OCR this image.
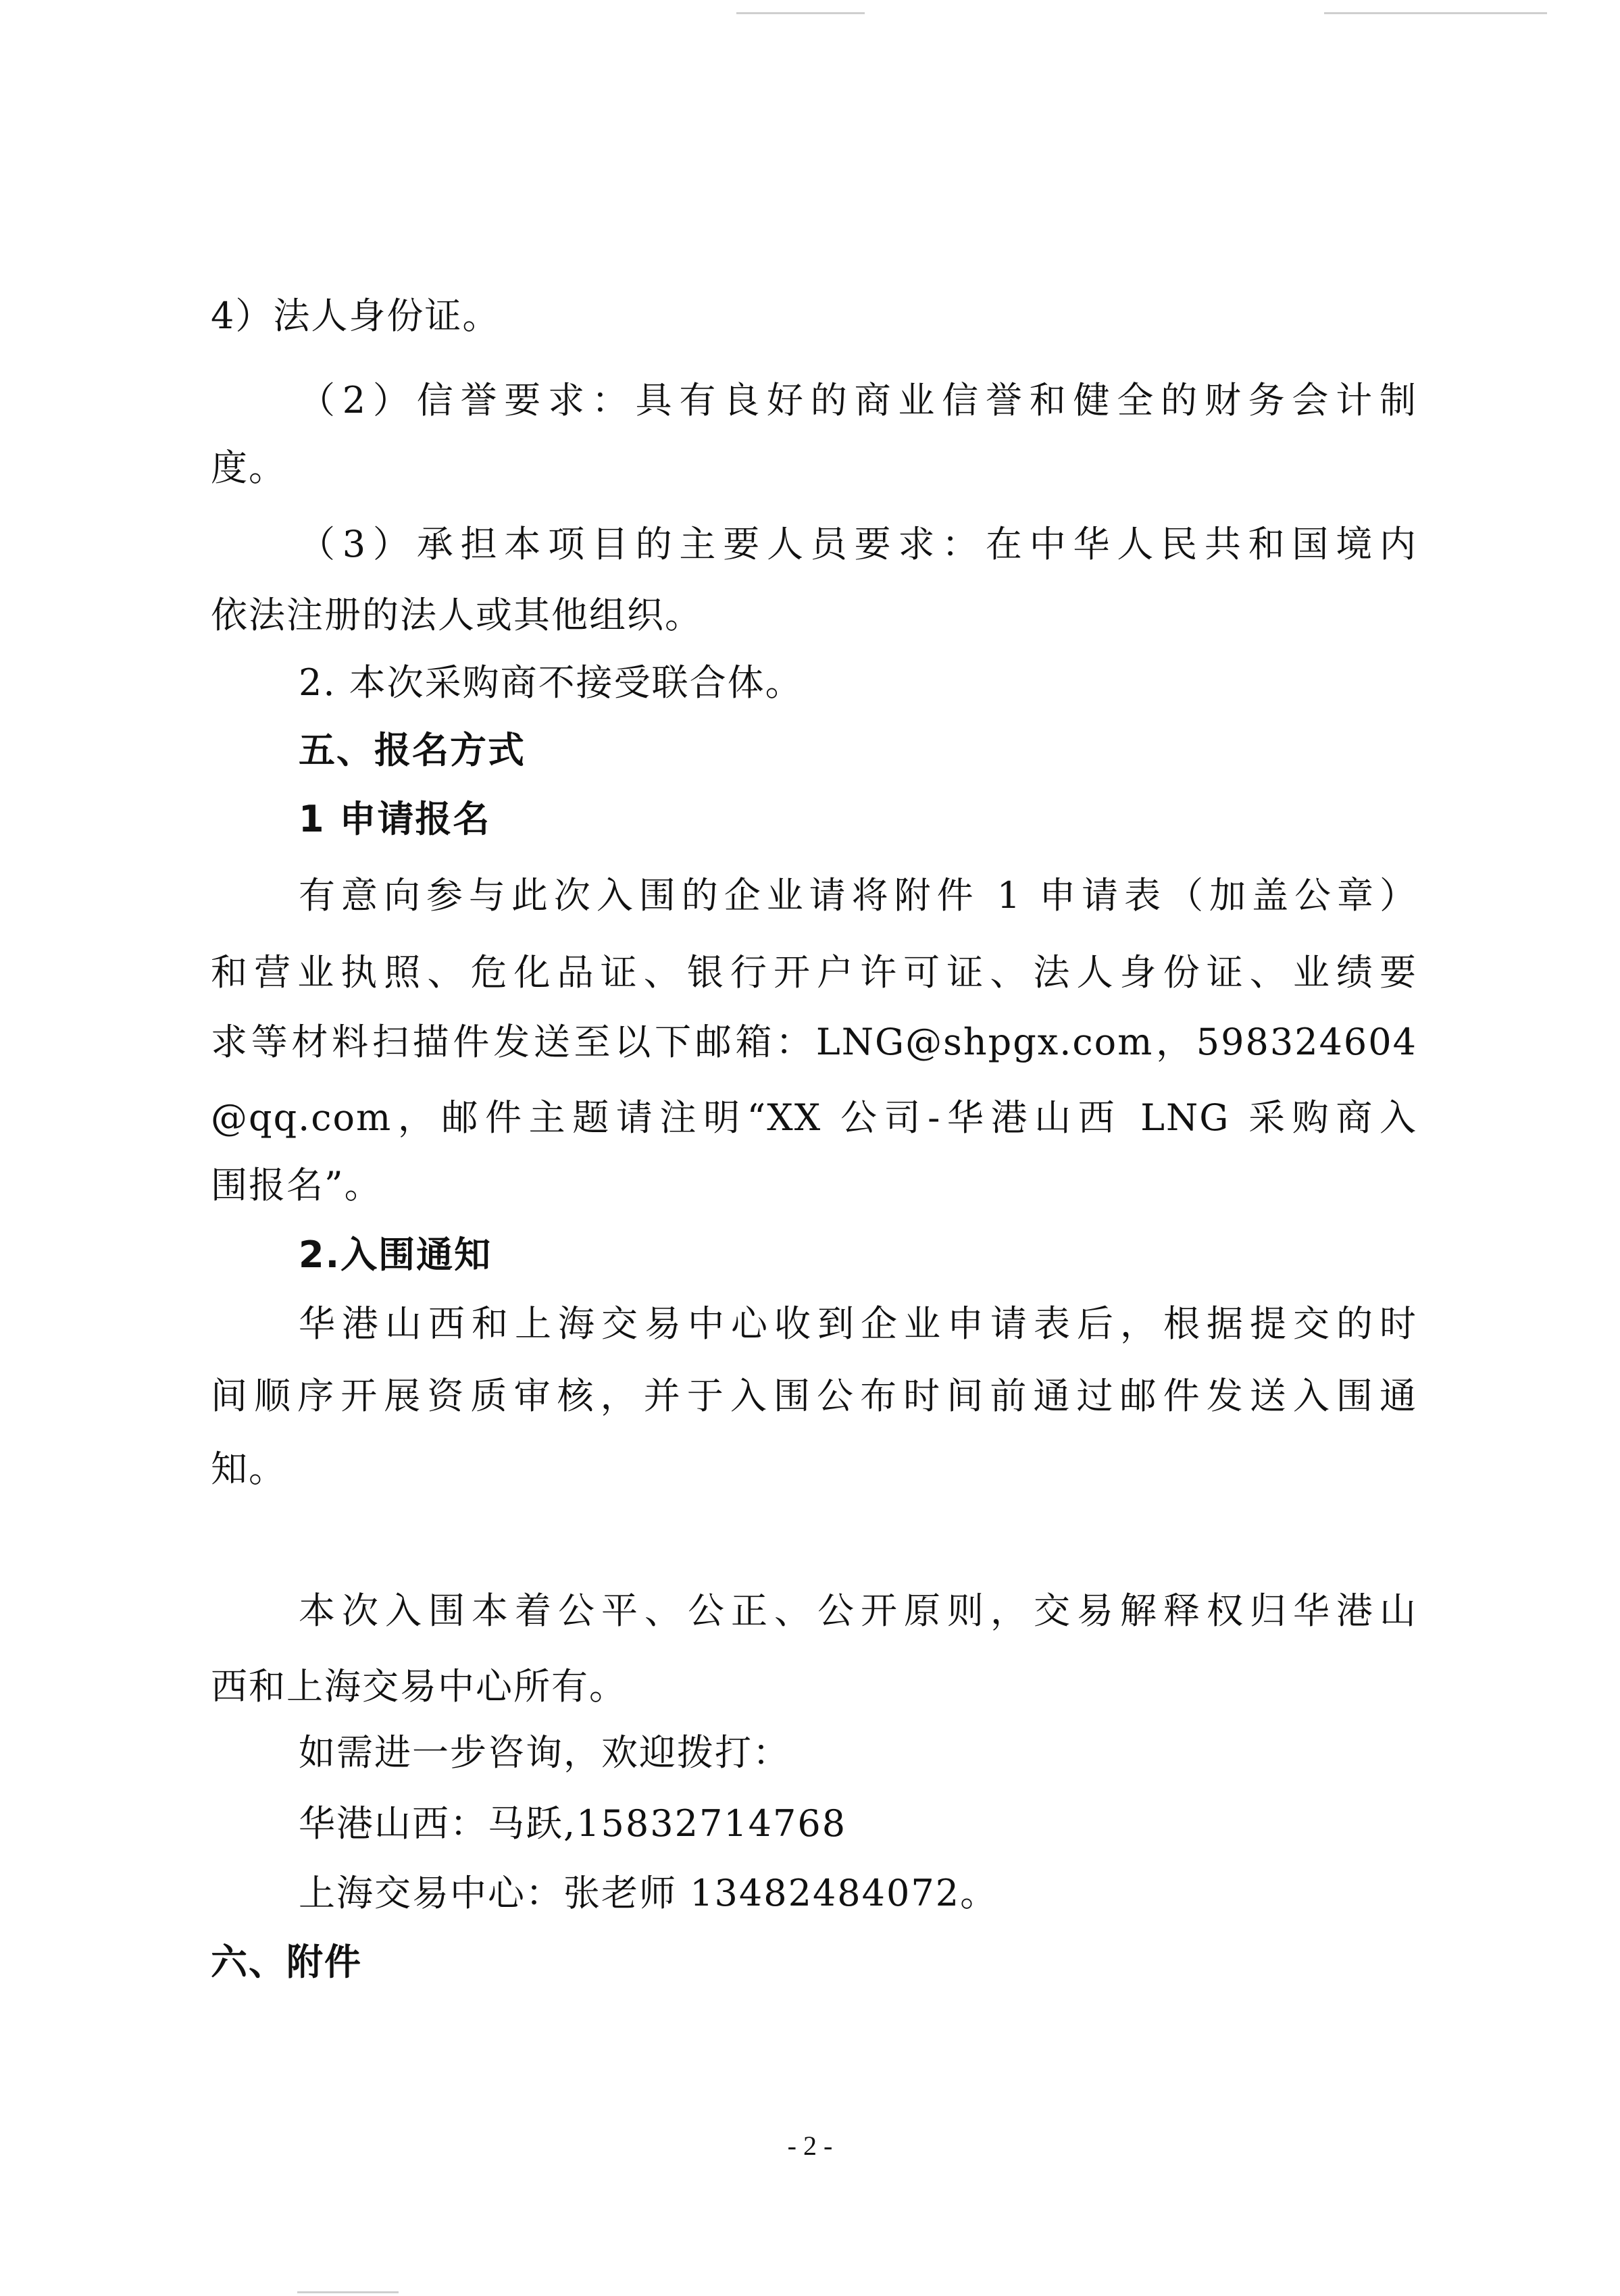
4）法人身份证。
（2）信誉要求：具有良好的商业信誉和健全的财务会计制
度。
（3）承担本项目的主要人员要求：在中华人民共和国境内
依法注册的法人或其他组织。
2. 本次采购商不接受联合体。
五、报名方式
1 申请报名
有意向参与此次入围的企业请将附件 1 申请表（加盖公章）
和营业执照、危化品证、银行开户许可证、法人身份证、业绩要
求等材料扫描件发送至以下邮箱：LNG@shpgx.com，598324604
@qq.com，邮件主题请注明“XX 公司-华港山西 LNG 采购商入
围报名”。
2.入围通知
华港山西和上海交易中心收到企业申请表后，根据提交的时
间顺序开展资质审核，并于入围公布时间前通过邮件发送入围通
知。
本次入围本着公平、公正、公开原则，交易解释权归华港山
西和上海交易中心所有。
如需进一步咨询，欢迎拨打：
华港山西：马跃,15832714768
上海交易中心：张老师 13482484072。
六、附件
- 2 -
